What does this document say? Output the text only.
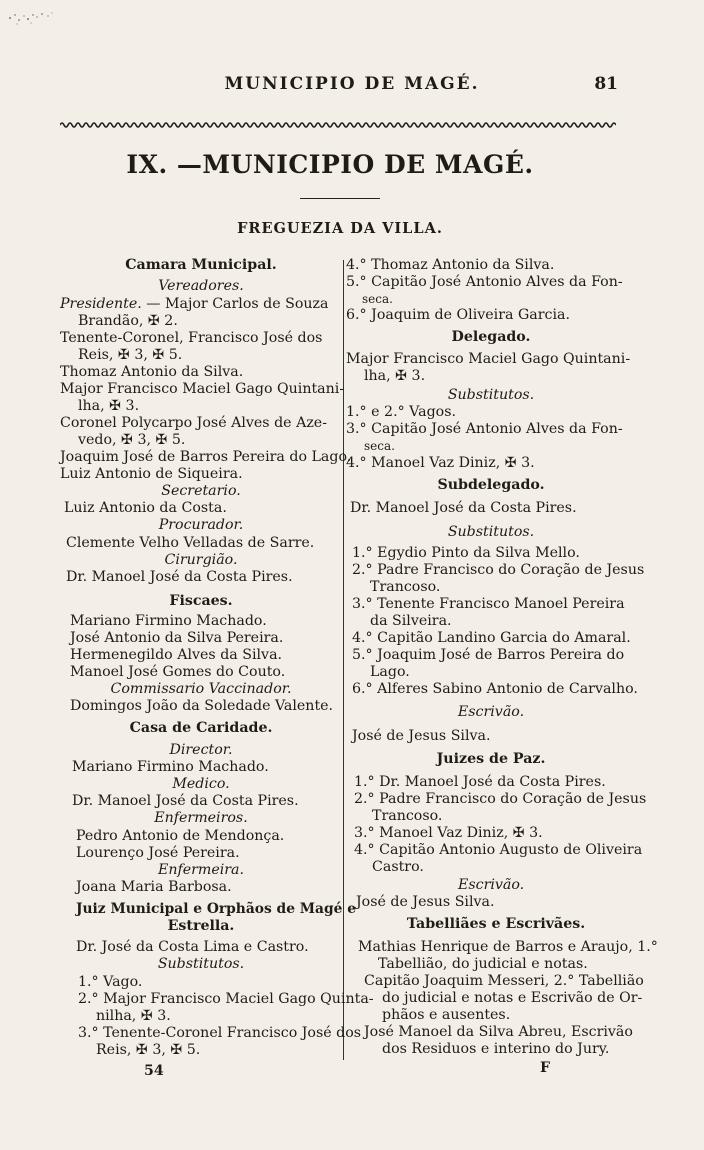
MUNICIPIO DE MAGÉ.	81
IX. —MUNICIPIO DE MAGÉ.
FREGUEZIA DA VILLA.
Camara Municipal.
Vereadores.
Presidente. — Major Carlos de Souza
Brandão, ✠ 2.
Tenente-Coronel, Francisco José dos
Reis, ✠ 3, ✠ 5.
Thomaz Antonio da Silva.
Major Francisco Maciel Gago Quintani-
lha, ✠ 3.
Coronel Polycarpo José Alves de Aze-
vedo, ✠ 3, ✠ 5.
Joaquim José de Barros Pereira do Lago.
Luiz Antonio de Siqueira.
Secretario.
Luiz Antonio da Costa.
Procurador.
Clemente Velho Velladas de Sarre.
Cirurgião.
Dr. Manoel José da Costa Pires.
Fiscaes.
Mariano Firmino Machado.
José Antonio da Silva Pereira.
Hermenegildo Alves da Silva.
Manoel José Gomes do Couto.
Commissario Vaccinador.
Domingos João da Soledade Valente.
Casa de Caridade.
Director.
Mariano Firmino Machado.
Medico.
Dr. Manoel José da Costa Pires.
Enfermeiros.
Pedro Antonio de Mendonça.
Lourenço José Pereira.
Enfermeira.
Joana Maria Barbosa.
Juiz Municipal e Orphãos de Magé e
Estrella.
Dr. José da Costa Lima e Castro.
Substitutos.
1.° Vago.
2.° Major Francisco Maciel Gago Quinta-
nilha, ✠ 3.
3.° Tenente-Coronel Francisco José dos
Reis, ✠ 3, ✠ 5.
54
4.° Thomaz Antonio da Silva.
5.° Capitão José Antonio Alves da Fon-
seca.
6.° Joaquim de Oliveira Garcia.
Delegado.
Major Francisco Maciel Gago Quintani-
lha, ✠ 3.
Substitutos.
1.° e 2.° Vagos.
3.° Capitão José Antonio Alves da Fon-
seca.
4.° Manoel Vaz Diniz, ✠ 3.
Subdelegado.
Dr. Manoel José da Costa Pires.
Substitutos.
1.° Egydio Pinto da Silva Mello.
2.° Padre Francisco do Coração de Jesus
Trancoso.
3.° Tenente Francisco Manoel Pereira
da Silveira.
4.° Capitão Landino Garcia do Amaral.
5.° Joaquim José de Barros Pereira do
Lago.
6.° Alferes Sabino Antonio de Carvalho.
Escrivão.
José de Jesus Silva.
Juizes de Paz.
1.° Dr. Manoel José da Costa Pires.
2.° Padre Francisco do Coração de Jesus
Trancoso.
3.° Manoel Vaz Diniz, ✠ 3.
4.° Capitão Antonio Augusto de Oliveira
Castro.
Escrivão.
José de Jesus Silva.
Tabelliães e Escrivães.
Mathias Henrique de Barros e Araujo, 1.°
Tabellião, do judicial e notas.
Capitão Joaquim Messeri, 2.° Tabellião
do judicial e notas e Escrivão de Or-
phãos e ausentes.
José Manoel da Silva Abreu, Escrivão
dos Residuos e interino do Jury.
F
